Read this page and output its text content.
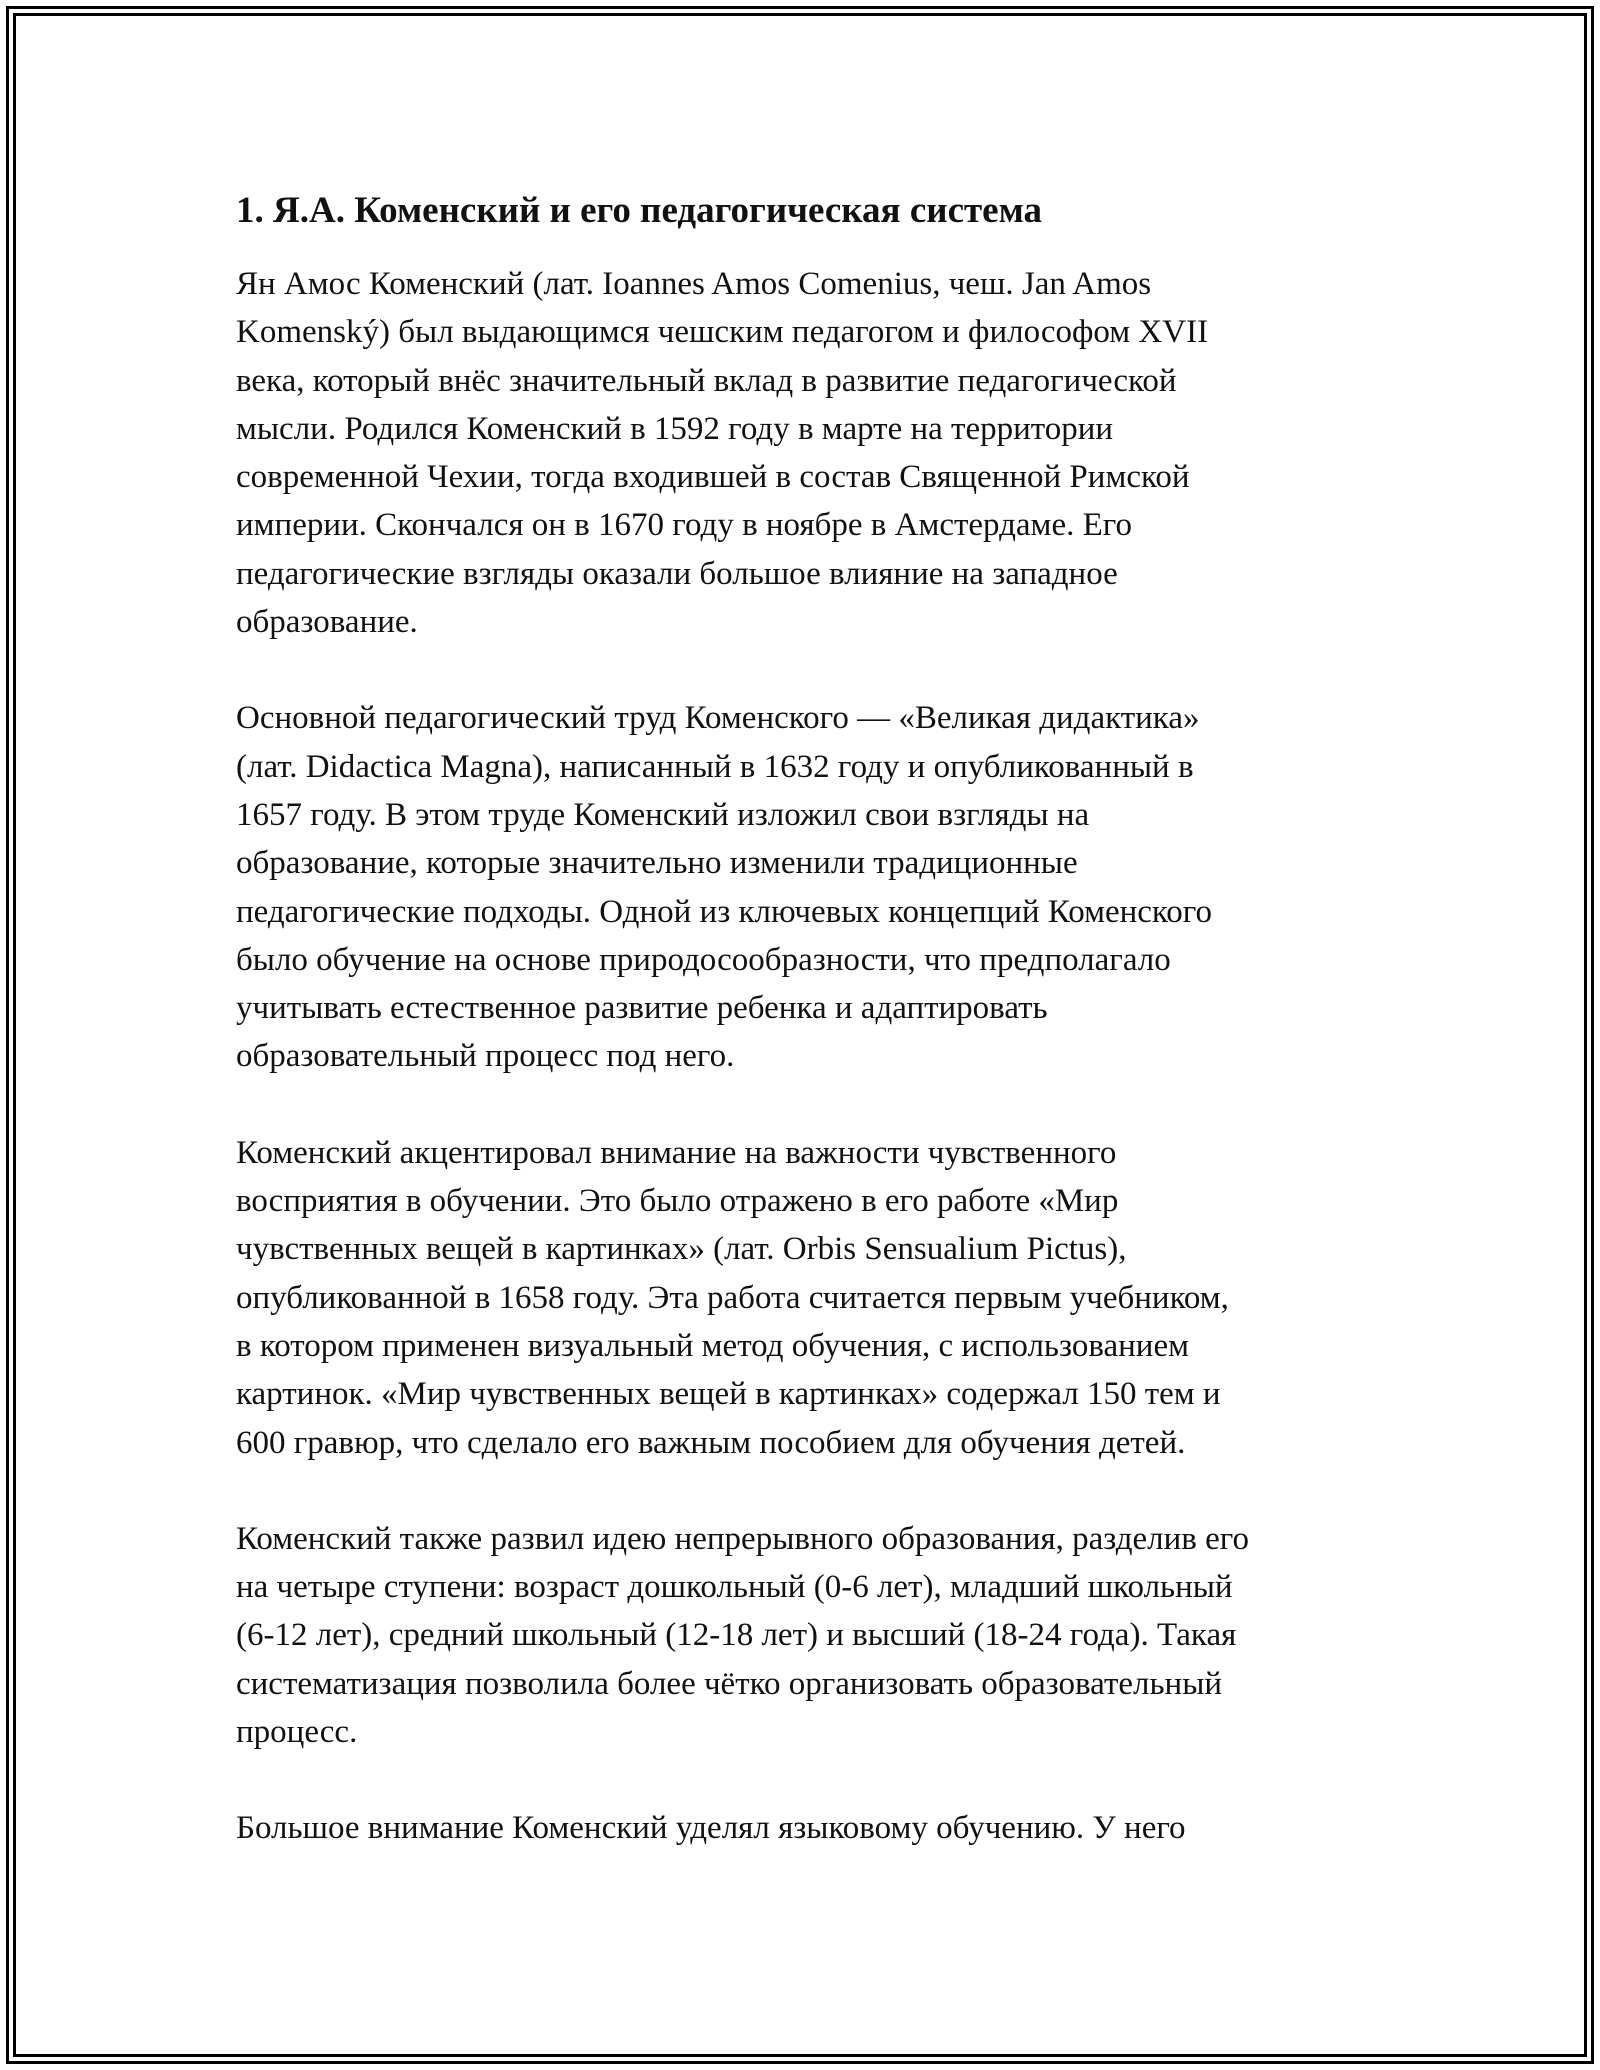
1. Я.А. Коменский и его педагогическая система

Ян Амос Коменский (лат. Ioannes Amos Comenius, чеш. Jan Amos
Komenský) был выдающимся чешским педагогом и философом XVII
века, который внёс значительный вклад в развитие педагогической
мысли. Родился Коменский в 1592 году в марте на территории
современной Чехии, тогда входившей в состав Священной Римской
империи. Скончался он в 1670 году в ноябре в Амстердаме. Его
педагогические взгляды оказали большое влияние на западное
образование.

Основной педагогический труд Коменского — «Великая дидактика»
(лат. Didactica Magna), написанный в 1632 году и опубликованный в
1657 году. В этом труде Коменский изложил свои взгляды на
образование, которые значительно изменили традиционные
педагогические подходы. Одной из ключевых концепций Коменского
было обучение на основе природосообразности, что предполагало
учитывать естественное развитие ребенка и адаптировать
образовательный процесс под него.

Коменский акцентировал внимание на важности чувственного
восприятия в обучении. Это было отражено в его работе «Мир
чувственных вещей в картинках» (лат. Orbis Sensualium Pictus),
опубликованной в 1658 году. Эта работа считается первым учебником,
в котором применен визуальный метод обучения, с использованием
картинок. «Мир чувственных вещей в картинках» содержал 150 тем и
600 гравюр, что сделало его важным пособием для обучения детей.

Коменский также развил идею непрерывного образования, разделив его
на четыре ступени: возраст дошкольный (0-6 лет), младший школьный
(6-12 лет), средний школьный (12-18 лет) и высший (18-24 года). Такая
систематизация позволила более чётко организовать образовательный
процесс.

Большое внимание Коменский уделял языковому обучению. У него
